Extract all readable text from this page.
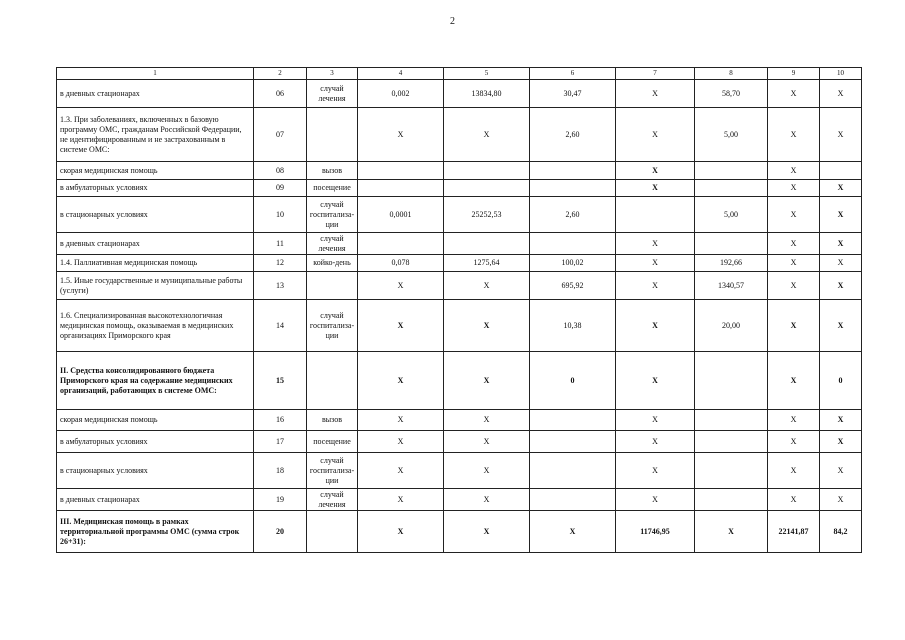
2
1	2	3	4	5	6	7	8	9	10
в дневных стационарах	06	случай лечения	0,002	13834,80	30,47	X	58,70	X	X
1.3. При заболеваниях, включенных в базовую программу ОМС, гражданам Российской Федерации, не идентифицированным и не застрахованным в системе ОМС:	07		X	X	2,60	X	5,00	X	X
скорая медицинская помощь	08	вызов				X		X	
в амбулаторных условиях	09	посещение				X		X	X
в стационарных условиях	10	случай госпитализа-ции	0,0001	25252,53	2,60		5,00	X	X
в дневных стационарах	11	случай лечения				X		X	X
1.4. Паллиативная медицинская помощь	12	койко-день	0,078	1275,64	100,02	X	192,66	X	X
1.5. Иные государственные и муниципальные работы (услуги)	13		X	X	695,92	X	1340,57	X	X
1.6. Специализированная высокотехнологичная медицинская помощь, оказываемая в медицинских организациях Приморского края	14	случай госпитализа-ции	X	X	10,38	X	20,00	X	X
II. Средства консолидированного бюджета Приморского края на содержание медицинских организаций, работающих в системе ОМС:	15		X	X	0	X		X	0
скорая медицинская помощь	16	вызов	X	X		X		X	X
в амбулаторных условиях	17	посещение	X	X		X		X	X
в стационарных условиях	18	случай госпитализа-ции	X	X		X		X	X
в дневных стационарах	19	случай лечения	X	X		X		X	X
III. Медицинская помощь в рамках территориальной программы ОМС (сумма строк 26+31):	20		X	X	X	11746,95	X	22141,87	84,2
